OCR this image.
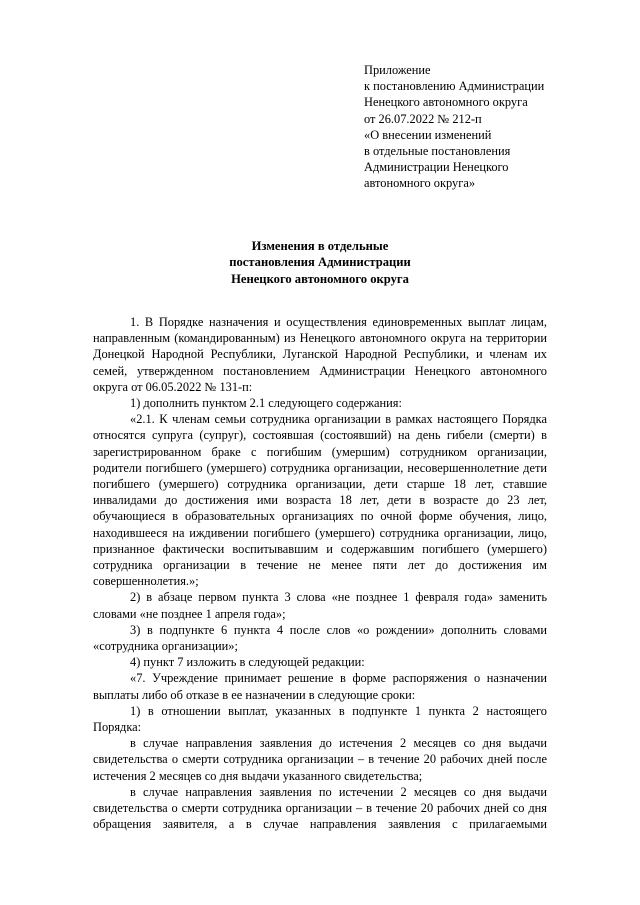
Приложение
к постановлению Администрации
Ненецкого автономного округа
от 26.07.2022 № 212-п
«О внесении изменений
в отдельные постановления
Администрации Ненецкого
автономного округа»
Изменения в отдельные
постановления Администрации
Ненецкого автономного округа

1. В Порядке назначения и осуществления единовременных выплат лицам, направленным (командированным) из Ненецкого автономного округа на территории Донецкой Народной Республики, Луганской Народной Республики, и членам их семей, утвержденном постановлением Администрации Ненецкого автономного округа от 06.05.2022 № 131-п:

1) дополнить пунктом 2.1 следующего содержания:

«2.1. К членам семьи сотрудника организации в рамках настоящего Порядка относятся супруга (супруг), состоявшая (состоявший) на день гибели (смерти) в зарегистрированном браке с погибшим (умершим) сотрудником организации, родители погибшего (умершего) сотрудника организации, несовершеннолетние дети погибшего (умершего) сотрудника организации, дети старше 18 лет, ставшие инвалидами до достижения ими возраста 18 лет, дети в возрасте до 23 лет, обучающиеся в образовательных организациях по очной форме обучения, лицо, находившееся на иждивении погибшего (умершего) сотрудника организации, лицо, признанное фактически воспитывавшим и содержавшим погибшего (умершего) сотрудника организации в течение не менее пяти лет до достижения им совершеннолетия.»;

2) в абзаце первом пункта 3 слова «не позднее 1 февраля года» заменить словами «не позднее 1 апреля года»;

3) в подпункте 6 пункта 4 после слов «о рождении» дополнить словами «сотрудника организации»;

4) пункт 7 изложить в следующей редакции:

«7. Учреждение принимает решение в форме распоряжения о назначении выплаты либо об отказе в ее назначении в следующие сроки:

1) в отношении выплат, указанных в подпункте 1 пункта 2 настоящего Порядка:

в случае направления заявления до истечения 2 месяцев со дня выдачи свидетельства о смерти сотрудника организации – в течение 20 рабочих дней после истечения 2 месяцев со дня выдачи указанного свидетельства;

в случае направления заявления по истечении 2 месяцев со дня выдачи свидетельства о смерти сотрудника организации – в течение 20 рабочих дней со дня обращения заявителя, а в случае направления заявления с прилагаемыми
